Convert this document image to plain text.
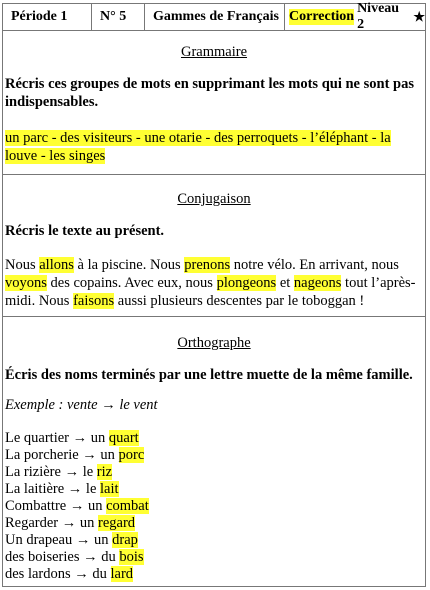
Période 1 N° 5 Gammes de Français Correction
Niveau 2
★
Grammaire
Récris ces groupes de mots en supprimant les mots qui ne sont pas indispensables.
un parc - des visiteurs - une otarie - des perroquets - l’éléphant - la louve - les singes
Conjugaison
Récris le texte au présent.
Nous allons à la piscine. Nous prenons notre vélo. En arrivant, nous voyons des copains. Avec eux, nous plongeons et nageons tout l’après-midi. Nous faisons aussi plusieurs descentes par le toboggan !
Orthographe
Écris des noms terminés par une lettre muette de la même famille.
Exemple : vente → le vent
Le quartier → un quart
La porcherie → un porc
La rizière → le riz
La laitière → le lait
Combattre → un combat
Regarder → un regard
Un drapeau → un drap
des boiseries → du bois
des lardons → du lard
